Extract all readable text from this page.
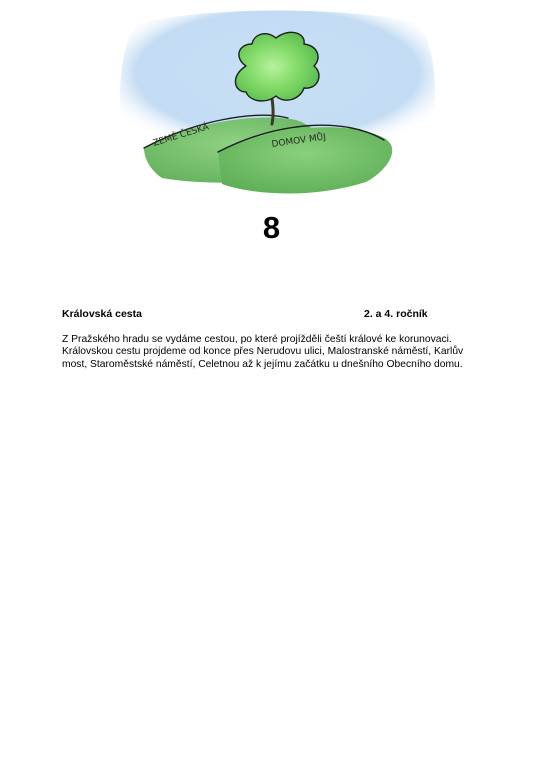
ZEMĚ ČESKÁ	DOMOV MŮJ
8
Královská cesta	2. a 4. ročník
Z Pražského hradu se vydáme cestou, po které projížděli čeští králové ke korunovaci.
Královskou cestu projdeme od konce přes Nerudovu ulici, Malostranské náměstí, Karlův
most, Staroměstské náměstí, Celetnou až k jejímu začátku u dnešního Obecního domu.
